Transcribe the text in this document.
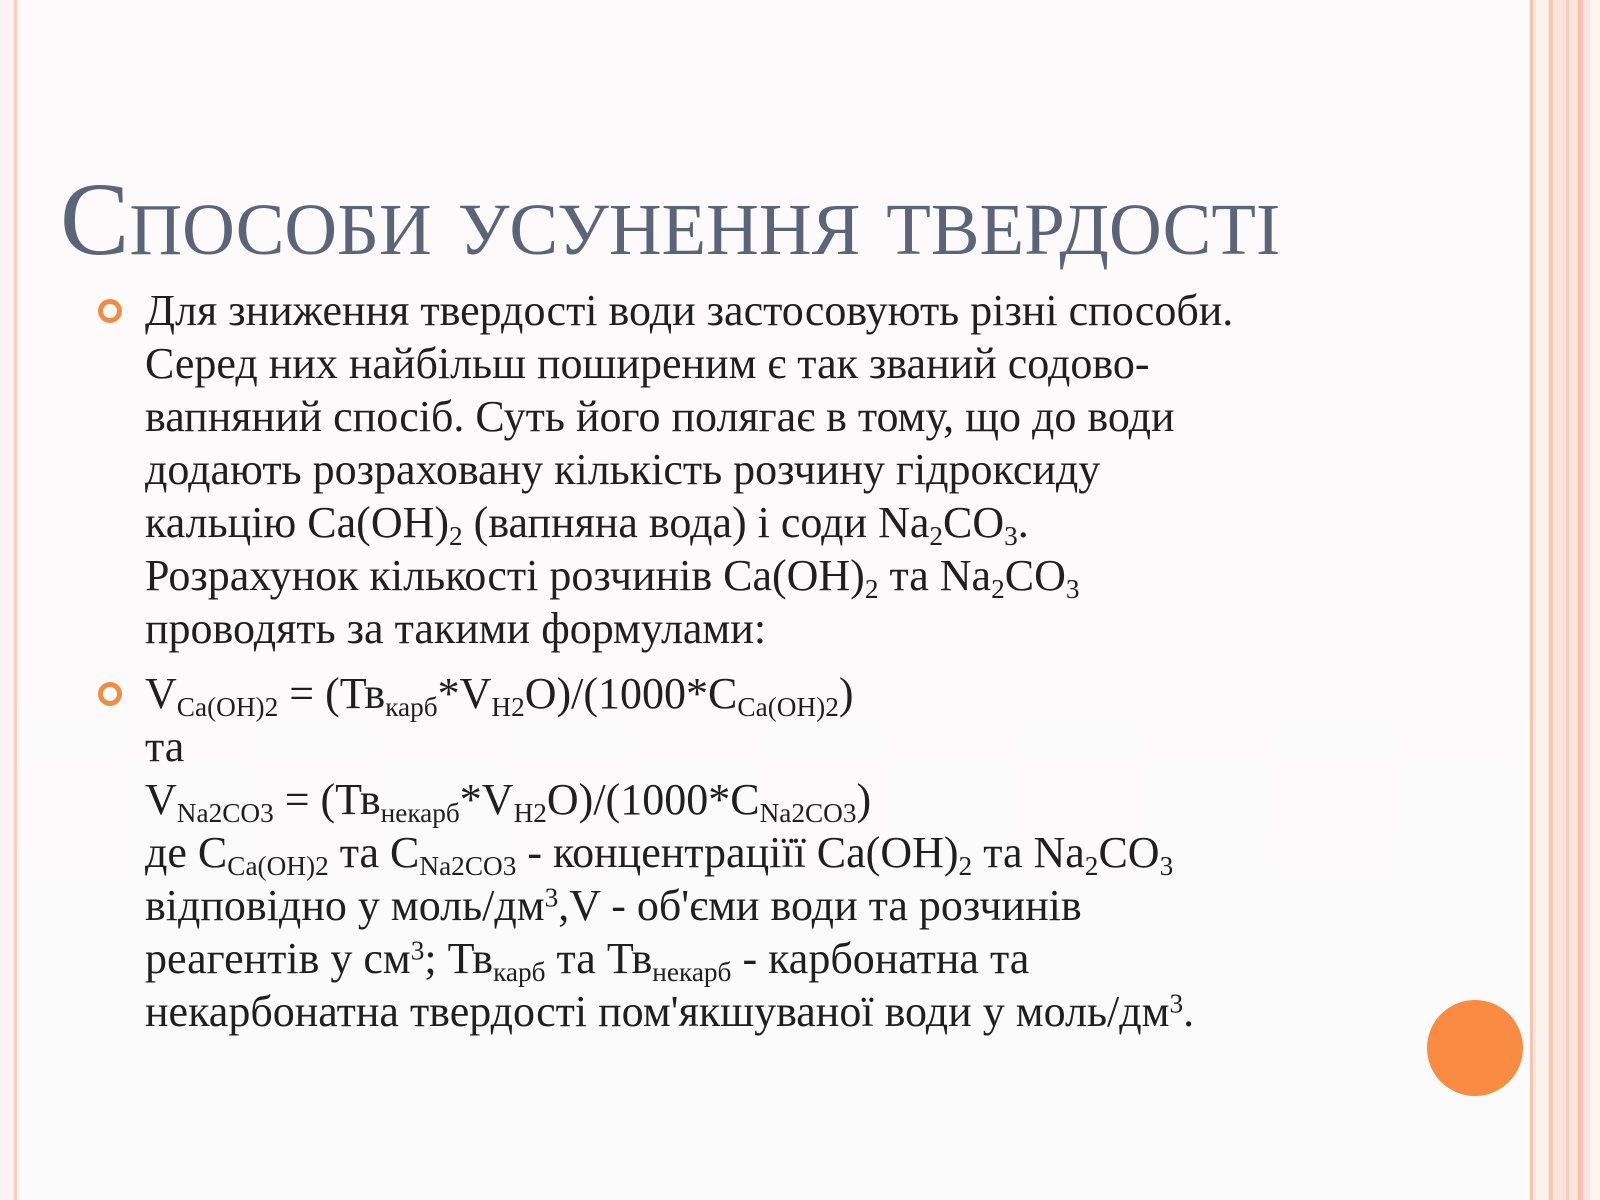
Способи усунення твердості
Для зниження твердості води застосовують різні способи.
Серед них найбільш поширеним є так званий содово-
вапняний спосіб. Суть його полягає в тому, що до води
додають розраховану кількість розчину гідроксиду
кальцію $Ca(OH)_2$ (вапняна вода) і соди $Na_2CO_3$.
Розрахунок кількості розчинів $Ca(OH)_2$ та $Na_2CO_3$
проводять за такими формулами:
$V_{Ca(OH)2} = (Тв_{карб}*V_{H2}O)/(1000*C_{Ca(OH)2})$
та
$V_{Na2CO3} = (Тв_{некарб}*V_{H2}O)/(1000*C_{Na2CO3})$
де $C_{Ca(OH)2}$ та $C_{Na2CO3}$ - концентраціїї $Ca(OH)_2$ та $Na_2CO_3$
відповідно у моль/$дм^3,V - об'єми$ води та розчинів
реагентів у $см^3$; $Тв_{карб}$ та $Тв_{некарб}$ - карбонатна та
некарбонатна твердості пом'якшуваної води у моль/$дм^3$.
